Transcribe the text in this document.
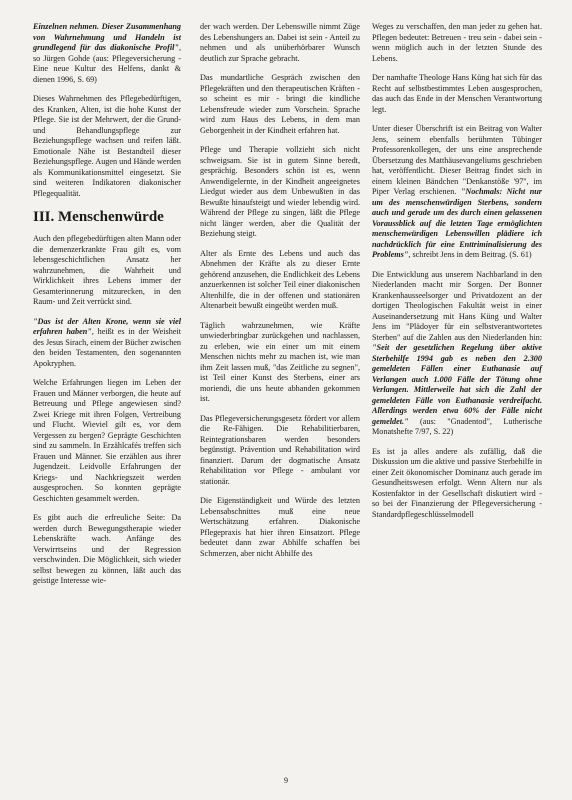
Einzelnen nehmen. Dieser Zusammenhang von Wahrnehmung und Handeln ist grundlegend für das diakonische Profil", so Jürgen Gohde (aus: Pflegeversicherung - Eine neue Kultur des Helfens, dankt & dienen 1996, S. 69)

Dieses Wahrnehmen des Pflegebedürftigen, des Kranken, Alten, ist die hohe Kunst der Pflege. Sie ist der Mehrwert, der die Grund- und Behandlungspflege zur Beziehungspflege wachsen und reifen läßt. Emotionale Nähe ist Bestandteil dieser Beziehungspflege. Augen und Hände werden als Kommunikationsmittel eingesetzt. Sie sind weiteren Indikatoren diakonischer Pflegequalität.

III. Menschenwürde

Auch den pflegebedürftigen alten Mann oder die demenzerkrankte Frau gilt es, vom lebensgeschichtlichen Ansatz her wahrzunehmen, die Wahrheit und Wirklichkeit ihres Lebens immer der Gesamterinnerung mitzurecken, in den Raum- und Zeit verrückt sind.

"Das ist der Alten Krone, wenn sie viel erfahren haben", heißt es in der Weisheit des Jesus Sirach, einem der Bücher zwischen den beiden Testamenten, den sogenannten Apokryphen.

Welche Erfahrungen liegen im Leben der Frauen und Männer verborgen, die heute auf Betreuung und Pflege angewiesen sind? Zwei Kriege mit ihren Folgen, Vertreibung und Flucht. Wieviel gilt es, vor dem Vergessen zu bergen? Geprägte Geschichten sind zu sammeln. In Erzählcafés treffen sich Frauen und Männer. Sie erzählen aus ihrer Jugendzeit. Leidvolle Erfahrungen der Kriegs- und Nachkriegszeit werden ausgesprochen. So konnten geprägte Geschichten gesammelt werden.

Es gibt auch die erfreuliche Seite: Da werden durch Bewegungstherapie wieder Lebenskräfte wach. Anfänge des Verwirrtseins und der Regression verschwinden. Die Möglichkeit, sich wieder selbst bewegen zu können, läßt auch das geistige Interesse wie-

der wach werden. Der Lebenswille nimmt Züge des Lebenshungers an. Dabei ist sein - Anteil zu nehmen und als unüberhörbarer Wunsch deutlich zur Sprache gebracht.

Das mundartliche Gespräch zwischen den Pflegekräften und den therapeutischen Kräften - so scheint es mir - bringt die kindliche Lebensfreude wieder zum Vorschein. Sprache wird zum Haus des Lebens, in dem man Geborgenheit in der Kindheit erfahren hat.

Pflege und Therapie vollzieht sich nicht schweigsam. Sie ist in gutem Sinne beredt, gesprächig. Besonders schön ist es, wenn Anwendigelernte, in der Kindheit angeeignetes Liedgut wieder aus dem Unbewußten in das Bewußte hinaufsteigt und wieder lebendig wird. Während der Pflege zu singen, läßt die Pflege nicht länger werden, aber die Qualität der Beziehung steigt.

Alter als Ernte des Lebens und auch das Abnehmen der Kräfte als zu dieser Ernte gehörend anzusehen, die Endlichkeit des Lebens anzuerkennen ist solcher Teil einer diakonischen Altenhilfe, die in der offenen und stationären Altenarbeit bewußt eingeübt werden muß.

Täglich wahrzunehmen, wie Kräfte unwiederbringbar zurückgehen und nachlassen, zu erleben, wie ein einer um mit einem Menschen nichts mehr zu machen ist, wie man ihm Zeit lassen muß, "das Zeitliche zu segnen", ist Teil einer Kunst des Sterbens, einer ars moriendi, die uns heute abhanden gekommen ist.

Das Pflegeversicherungsgesetz fördert vor allem die Re-Fähigen. Die Rehabilitierbaren, Reintegrationsbaren werden besonders begünstigt. Prävention und Rehabilitation wird finanziert. Darum der dogmatische Ansatz Rehabilitation vor Pflege - ambulant vor stationär.

Die Eigenständigkeit und Würde des letzten Lebensabschnittes muß eine neue Wertschätzung erfahren. Diakonische Pflegepraxis hat hier ihren Einsatzort. Pflege bedeutet dann zwar Abhilfe schaffen bei Schmerzen, aber nicht Abhilfe des

Weges zu verschaffen, den man jeder zu gehen hat. Pflegen bedeutet: Betreuen - treu sein - dabei sein - wenn möglich auch in der letzten Stunde des Lebens.

Der namhafte Theologe Hans Küng hat sich für das Recht auf selbstbestimmtes Leben ausgesprochen, das auch das Ende in der Menschen Verantwortung legt.

Unter dieser Überschrift ist ein Beitrag von Walter Jens, seinem ebenfalls berühmten Tübinger Professorenkollegen, der uns eine ansprechende Übersetzung des Matthäusevangeliums geschrieben hat, veröffentlicht. Dieser Beitrag findet sich in einem kleinen Bändchen "Denkanstöße '97", im Piper Verlag erschienen. "Nochmals: Nicht nur um des menschenwürdigen Sterbens, sondern auch und gerade um des durch einen gelassenen Voraussblick auf die letzten Tage ermöglichten menschenwürdigen Lebenswillen plädiere ich nachdrücklich für eine Enttriminalisierung des Problems", schreibt Jens in dem Beitrag. (S. 61)

Die Entwicklung aus unserem Nachbarland in den Niederlanden macht mir Sorgen. Der Bonner Krankenhausseelsorger und Privatdozent an der dortigen Theologischen Fakultät weist in einer Auseinandersetzung mit Hans Küng und Walter Jens im "Plädoyer für ein selbstverantwortetes Sterben" auf die Zahlen aus den Niederlanden hin: "Seit der gesetzlichen Regelung über aktive Sterbehilfe 1994 gab es neben den 2.300 gemeldeten Fällen einer Euthanasie auf Verlangen auch 1.000 Fälle der Tötung ohne Verlangen. Mittlerweile hat sich die Zahl der gemeldeten Fälle von Euthanasie verdreifacht. Allerdings werden etwa 60% der Fälle nicht gemeldet." (aus: "Gnadentod", Lutherische Monatshefte 7/97, S. 22)

Es ist ja alles andere als zufällig, daß die Diskussion um die aktive und passive Sterbehilfe in einer Zeit ökonomischer Dominanz auch gerade im Gesundheitswesen erfolgt. Wenn Altern nur als Kostenfaktor in der Gesellschaft diskutiert wird - so bei der Finanzierung der Pflegeversicherung - Standardpflegeschlüsselmodell

9
